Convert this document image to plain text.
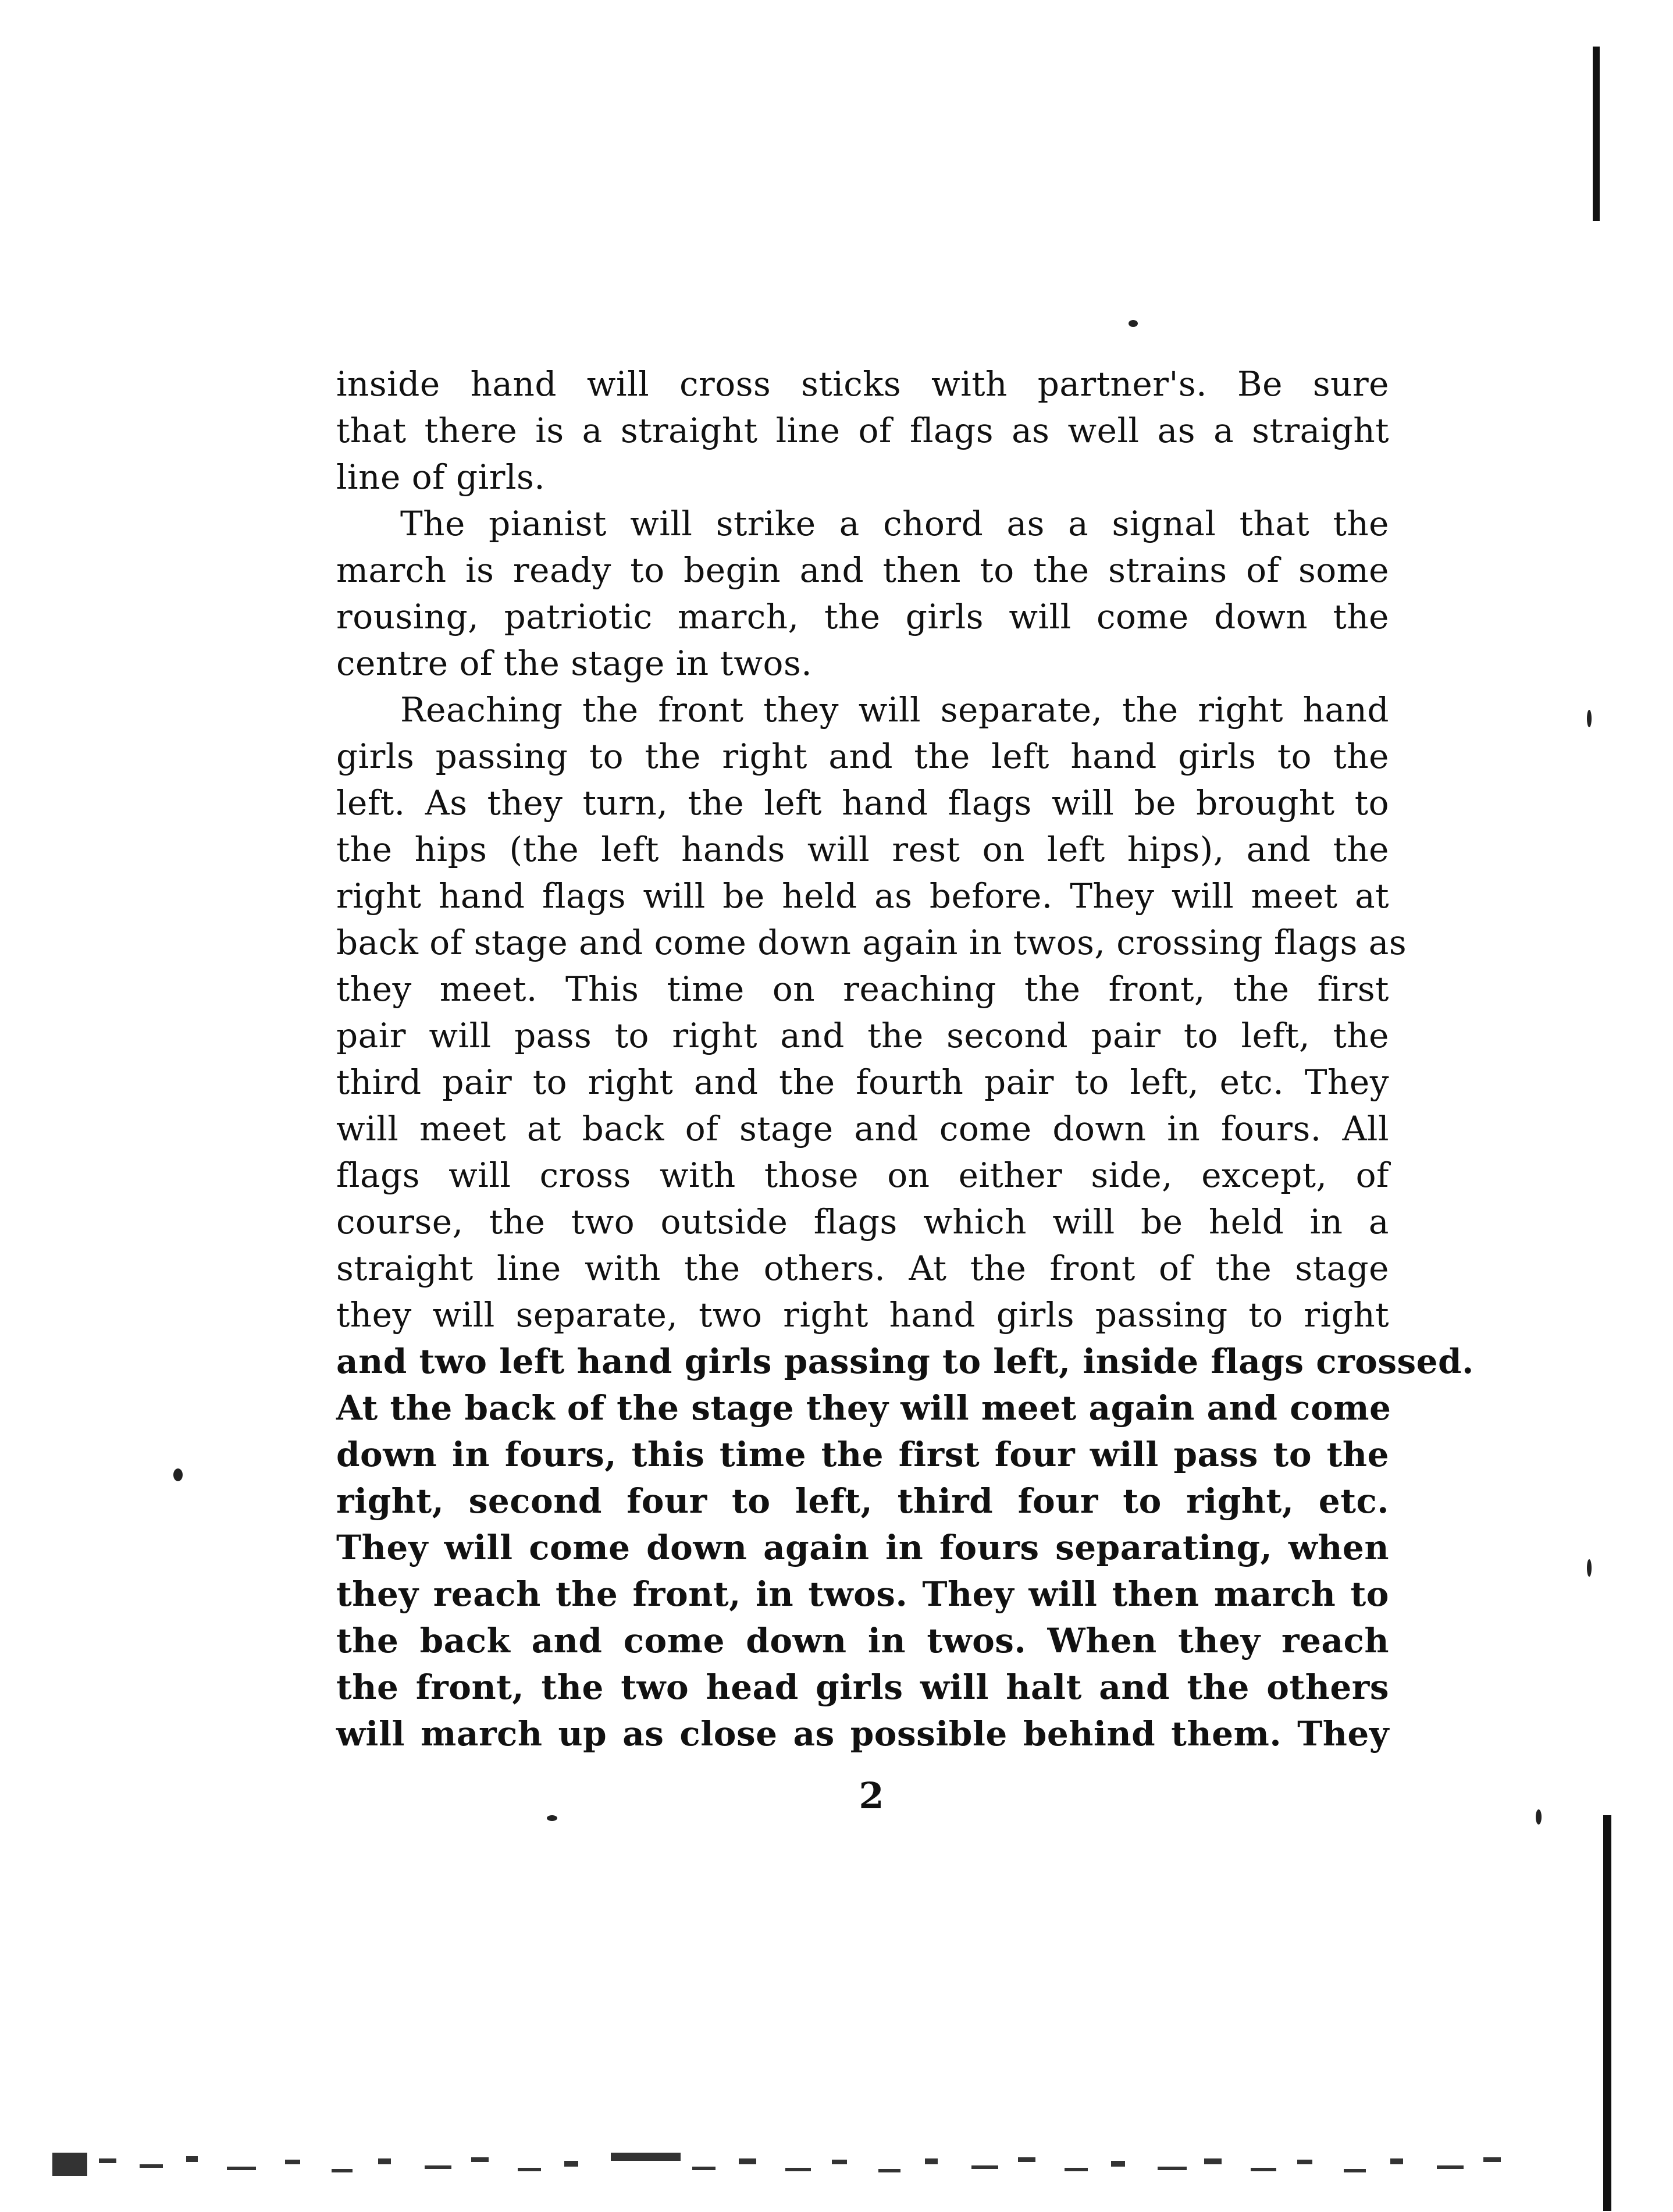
inside hand will cross sticks with partner's. Be sure
that there is a straight line of flags as well as a straight
line of girls.
The pianist will strike a chord as a signal that the
march is ready to begin and then to the strains of some
rousing, patriotic march, the girls will come down the
centre of the stage in twos.
Reaching the front they will separate, the right hand
girls passing to the right and the left hand girls to the
left. As they turn, the left hand flags will be brought to
the hips (the left hands will rest on left hips), and the
right hand flags will be held as before. They will meet at
back of stage and come down again in twos, crossing flags as
they meet. This time on reaching the front, the first
pair will pass to right and the second pair to left, the
third pair to right and the fourth pair to left, etc. They
will meet at back of stage and come down in fours. All
flags will cross with those on either side, except, of
course, the two outside flags which will be held in a
straight line with the others. At the front of the stage
they will separate, two right hand girls passing to right
and two left hand girls passing to left, inside flags crossed.
At the back of the stage they will meet again and come
down in fours, this time the first four will pass to the
right, second four to left, third four to right, etc.
They will come down again in fours separating, when
they reach the front, in twos. They will then march to
the back and come down in twos. When they reach
the front, the two head girls will halt and the others
will march up as close as possible behind them. They
2
